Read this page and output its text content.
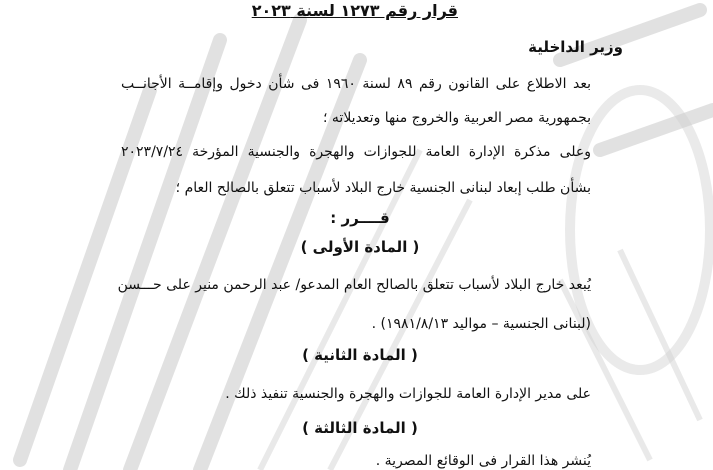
قرار رقم ١٢٧٣ لسنة ٢٠٢٣
وزير الداخلية
بعد الاطلاع على القانون رقم ٨٩ لسنة ١٩٦٠ فى شأن دخول وإقامــة الأجانــب
بجمهورية مصر العربية والخروج منها وتعديلاته ؛
وعلى مذكرة الإدارة العامة للجوازات والهجرة والجنسية المؤرخة ٢٠٢٣/٧/٢٤
بشأن طلب إبعاد لبنانى الجنسية خارج البلاد لأسباب تتعلق بالصالح العام ؛
قــــرر :
( المادة الأولى )
يُبعد خارج البلاد لأسباب تتعلق بالصالح العام المدعو/ عبد الرحمن منير على حـــسن
(لبنانى الجنسية – مواليد ١٩٨١/٨/١٣) .
( المادة الثانية )
على مدير الإدارة العامة للجوازات والهجرة والجنسية تنفيذ ذلك .
( المادة الثالثة )
يُنشر هذا القرار فى الوقائع المصرية .
